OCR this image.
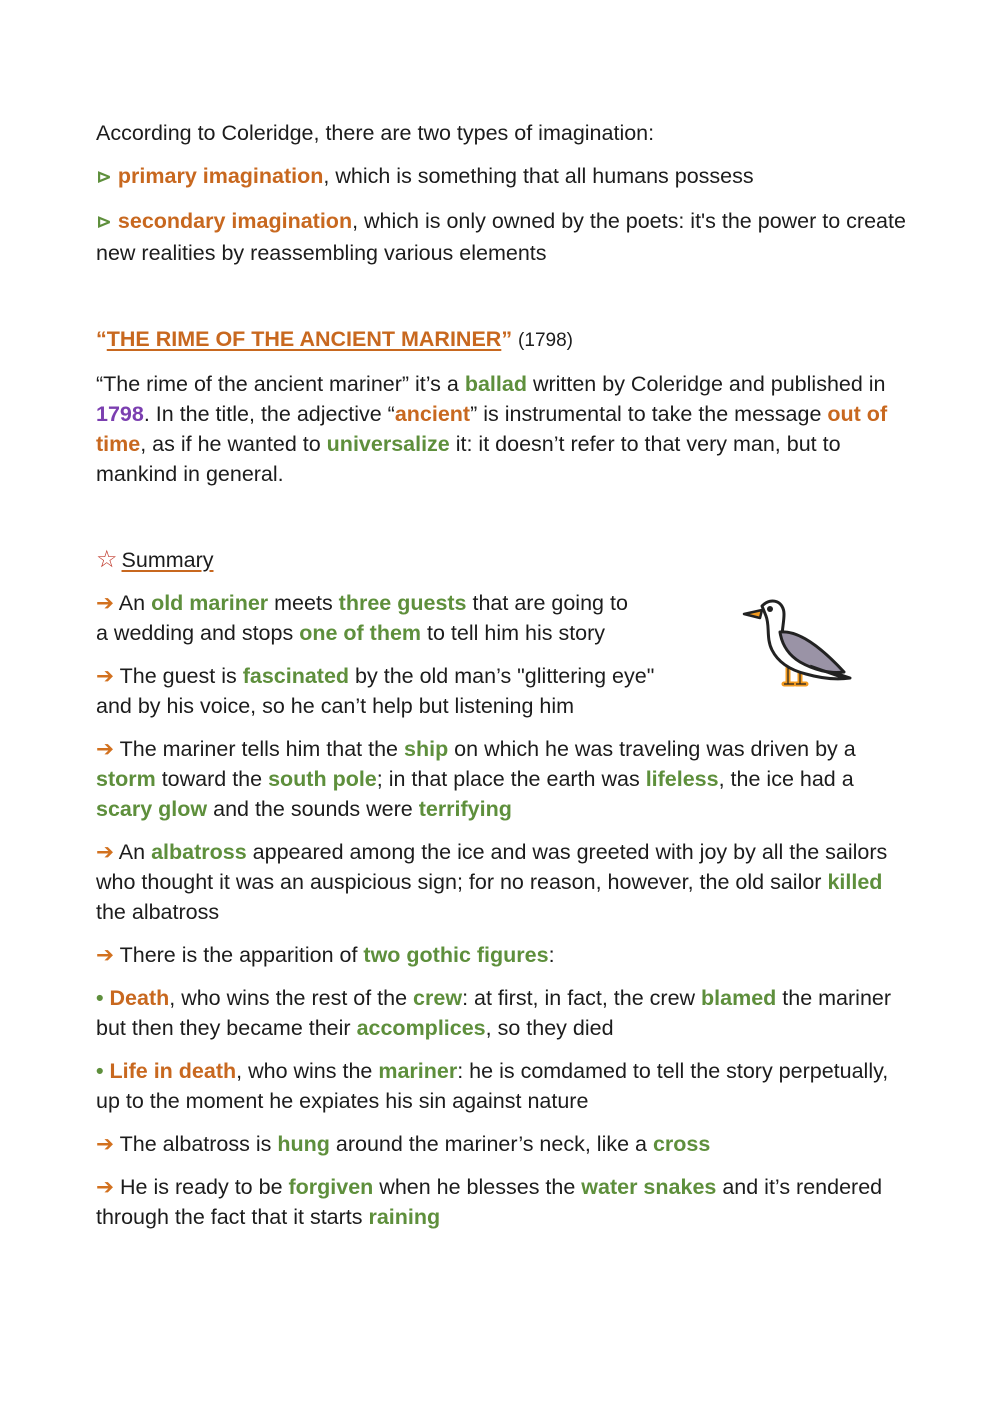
According to Coleridge, there are two types of imagination:

⊳ primary imagination, which is something that all humans possess

⊳ secondary imagination, which is only owned by the poets: it's the power to create new realities by reassembling various elements

“THE RIME OF THE ANCIENT MARINER” (1798)

“The rime of the ancient mariner” it’s a ballad written by Coleridge and published in 1798. In the title, the adjective “ancient” is instrumental to take the message out of time, as if he wanted to universalize it: it doesn’t refer to that very man, but to mankind in general.

☆ Summary

➔ An old mariner meets three guests that are going to
a wedding and stops one of them to tell him his story

➔ The guest is fascinated by the old man’s "glittering eye"
and by his voice, so he can’t help but listening him

➔ The mariner tells him that the ship on which he was traveling was driven by a storm toward the south pole; in that place the earth was lifeless, the ice had a scary glow and the sounds were terrifying

➔ An albatross appeared among the ice and was greeted with joy by all the sailors who thought it was an auspicious sign; for no reason, however, the old sailor killed the albatross

➔ There is the apparition of two gothic figures:

• Death, who wins the rest of the crew: at first, in fact, the crew blamed the mariner but then they became their accomplices, so they died

• Life in death, who wins the mariner: he is comdamed to tell the story perpetually, up to the moment he expiates his sin against nature

➔ The albatross is hung around the mariner’s neck, like a cross

➔ He is ready to be forgiven when he blesses the water snakes and it’s rendered through the fact that it starts raining
